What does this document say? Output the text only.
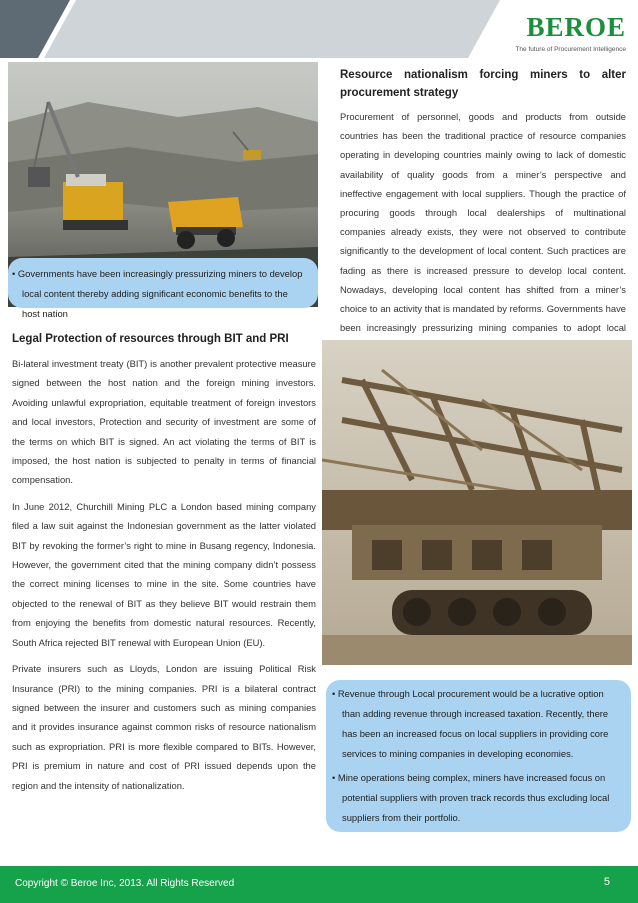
BEROE
The future of Procurement Intelligence

• Governments have been increasingly pressurizing miners to develop local content thereby adding significant economic benefits to the host nation

Resource nationalism forcing miners to alter procurement strategy

Procurement of personnel, goods and products from outside countries has been the traditional practice of resource companies operating in developing countries mainly owing to lack of domestic availability of quality goods from a miner’s perspective and ineffective engagement with local suppliers. Though the practice of procuring goods through local dealerships of multinational companies already exists, they were not observed to contribute significantly to the development of local content. Such practices are fading as there is increased pressure to develop local content. Nowadays, developing local content has shifted from a miner’s choice to an activity that is mandated by reforms. Governments have been increasingly pressurizing mining companies to adopt local

Legal Protection of resources through BIT and PRI

Bi-lateral investment treaty (BIT) is another prevalent protective measure signed between the host nation and the foreign mining investors. Avoiding unlawful expropriation, equitable treatment of foreign investors and local investors, Protection and security of investment are some of the terms on which BIT is signed. An act violating the terms of BIT is imposed, the host nation is subjected to penalty in terms of financial compensation.

In June 2012, Churchill Mining PLC a London based mining company filed a law suit against the Indonesian government as the latter violated BIT by revoking the former’s right to mine in Busang regency, Indonesia. However, the government cited that the mining company didn’t possess the correct mining licenses to mine in the site. Some countries have objected to the renewal of BIT as they believe BIT would restrain them from enjoying the benefits from domestic natural resources. Recently, South Africa rejected BIT renewal with European Union (EU).

Private insurers such as Lloyds, London are issuing Political Risk Insurance (PRI) to the mining companies. PRI is a bilateral contract signed between the insurer and customers such as mining companies and it provides insurance against common risks of resource nationalism such as expropriation. PRI is more flexible compared to BITs. However, PRI is premium in nature and cost of PRI issued depends upon the region and the intensity of nationalization.

• Revenue through Local procurement would be a lucrative option than adding revenue through increased taxation. Recently, there has been an increased focus on local suppliers in providing core services to mining companies in developing economies.

• Mine operations being complex, miners have increased focus on potential suppliers with proven track records thus excluding local suppliers from their portfolio.

Copyright © Beroe Inc, 2013. All Rights Reserved	5
